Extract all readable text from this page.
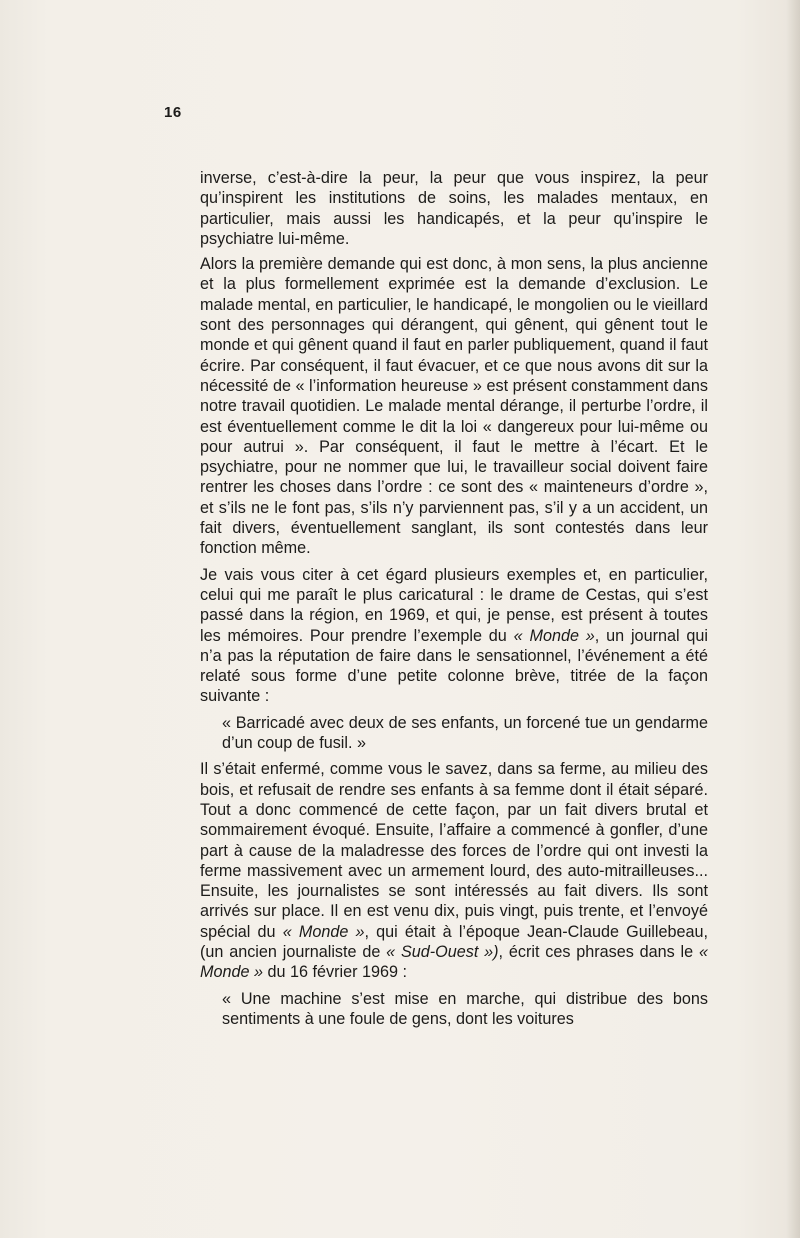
16

inverse, c’est-à-dire la peur, la peur que vous inspirez, la peur qu’inspirent les institutions de soins, les malades mentaux, en particulier, mais aussi les handicapés, et la peur qu’inspire le psychiatre lui-même.

Alors la première demande qui est donc, à mon sens, la plus ancienne et la plus formellement exprimée est la demande d’exclusion. Le malade mental, en particulier, le handicapé, le mongolien ou le vieillard sont des personnages qui dérangent, qui gênent, qui gênent tout le monde et qui gênent quand il faut en parler publiquement, quand il faut écrire. Par conséquent, il faut évacuer, et ce que nous avons dit sur la nécessité de « l’information heureuse » est présent constamment dans notre travail quotidien. Le malade mental dérange, il perturbe l’ordre, il est éventuellement comme le dit la loi « dangereux pour lui-même ou pour autrui ». Par conséquent, il faut le mettre à l’écart. Et le psychiatre, pour ne nommer que lui, le travailleur social doivent faire rentrer les choses dans l’ordre : ce sont des « mainteneurs d’ordre », et s’ils ne le font pas, s’ils n’y parviennent pas, s’il y a un accident, un fait divers, éventuellement sanglant, ils sont contestés dans leur fonction même.

Je vais vous citer à cet égard plusieurs exemples et, en particulier, celui qui me paraît le plus caricatural : le drame de Cestas, qui s’est passé dans la région, en 1969, et qui, je pense, est présent à toutes les mémoires. Pour prendre l’exemple du « Monde », un journal qui n’a pas la réputation de faire dans le sensationnel, l’événement a été relaté sous forme d’une petite colonne brève, titrée de la façon suivante :

« Barricadé avec deux de ses enfants, un forcené tue un gendarme d’un coup de fusil. »

Il s’était enfermé, comme vous le savez, dans sa ferme, au milieu des bois, et refusait de rendre ses enfants à sa femme dont il était séparé. Tout a donc commencé de cette façon, par un fait divers brutal et sommairement évoqué. Ensuite, l’affaire a commencé à gonfler, d’une part à cause de la maladresse des forces de l’ordre qui ont investi la ferme massivement avec un armement lourd, des auto-mitrailleuses... Ensuite, les journalistes se sont intéressés au fait divers. Ils sont arrivés sur place. Il en est venu dix, puis vingt, puis trente, et l’envoyé spécial du « Monde », qui était à l’époque Jean-Claude Guillebeau, (un ancien journaliste de « Sud-Ouest »), écrit ces phrases dans le « Monde » du 16 février 1969 :

« Une machine s’est mise en marche, qui distribue des bons sentiments à une foule de gens, dont les voitures
